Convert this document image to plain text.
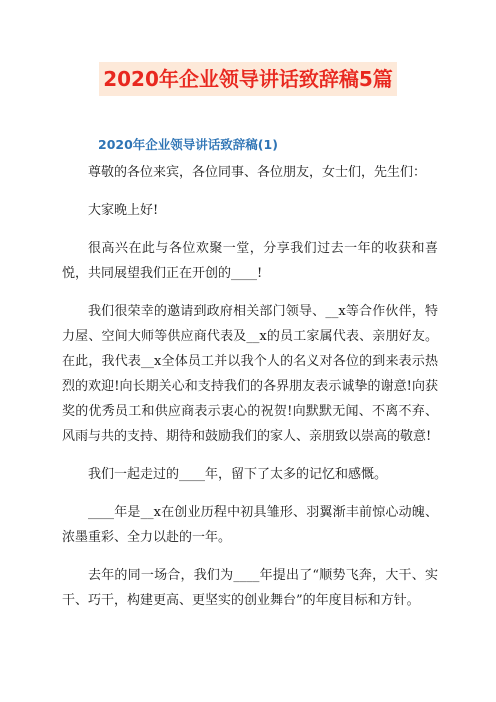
2020年企业领导讲话致辞稿5篇
2020年企业领导讲话致辞稿(1)

尊敬的各位来宾，各位同事、各位朋友，女士们，先生们：

大家晚上好!

很高兴在此与各位欢聚一堂，分享我们过去一年的收获和喜悦，共同展望我们正在开创的____!

我们很荣幸的邀请到政府相关部门领导、__x等合作伙伴，特力屋、空间大师等供应商代表及__x的员工家属代表、亲朋好友。在此，我代表__x全体员工并以我个人的名义对各位的到来表示热烈的欢迎!向长期关心和支持我们的各界朋友表示诚挚的谢意!向获奖的优秀员工和供应商表示衷心的祝贺!向默默无闻、不离不弃、风雨与共的支持、期待和鼓励我们的家人、亲朋致以崇高的敬意!

我们一起走过的____年，留下了太多的记忆和感慨。

____年是__x在创业历程中初具雏形、羽翼渐丰前惊心动魄、浓墨重彩、全力以赴的一年。

去年的同一场合，我们为____年提出了“顺势飞奔，大干、实干、巧干，构建更高、更坚实的创业舞台”的年度目标和方针。
